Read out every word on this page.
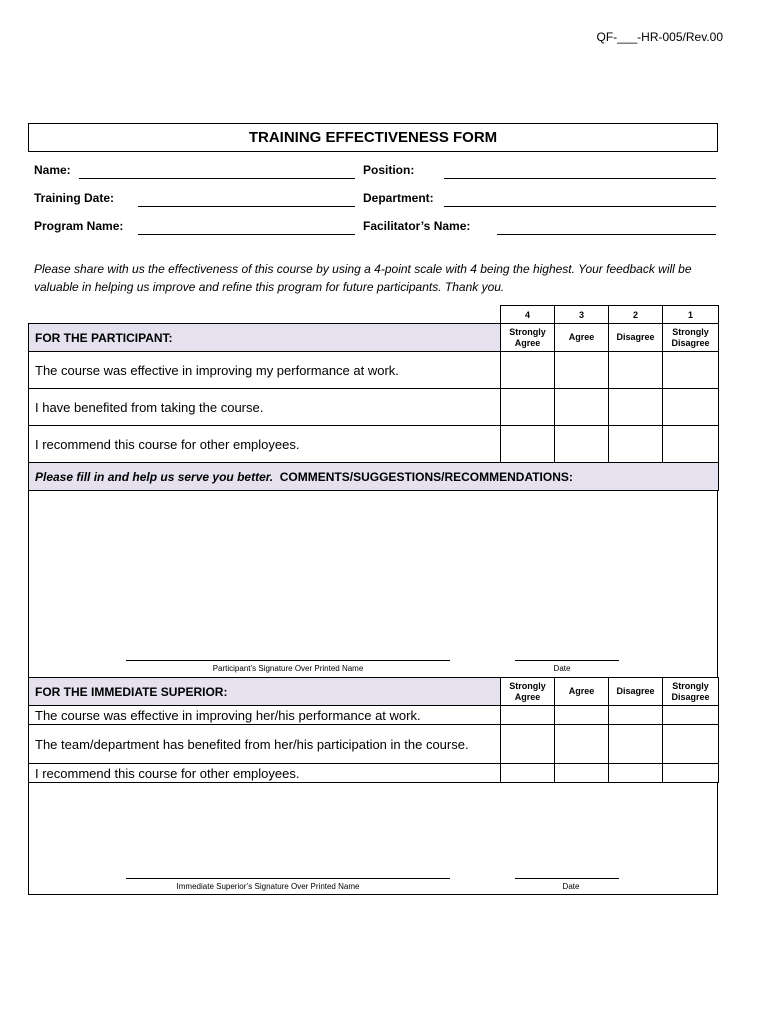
QF-___-HR-005/Rev.00
TRAINING EFFECTIVENESS FORM
Name:	Position:
Training Date:	Department:
Program Name:	Facilitator’s Name:
Please share with us the effectiveness of this course by using a 4-point scale with 4 being the highest. Your feedback will be valuable in helping us improve and refine this program for future participants. Thank you.
	4	3	2	1
FOR THE PARTICIPANT:	Strongly Agree	Agree	Disagree	Strongly Disagree
The course was effective in improving my performance at work.				
I have benefited from taking the course.				
I recommend this course for other employees.				
Please fill in and help us serve you better. COMMENTS/SUGGESTIONS/RECOMMENDATIONS:				
Participant’s Signature Over Printed Name	Date
FOR THE IMMEDIATE SUPERIOR:	Strongly Agree	Agree	Disagree	Strongly Disagree
The course was effective in improving her/his performance at work.				
The team/department has benefited from her/his participation in the course.				
I recommend this course for other employees.				
Immediate Superior’s Signature Over Printed Name	Date
